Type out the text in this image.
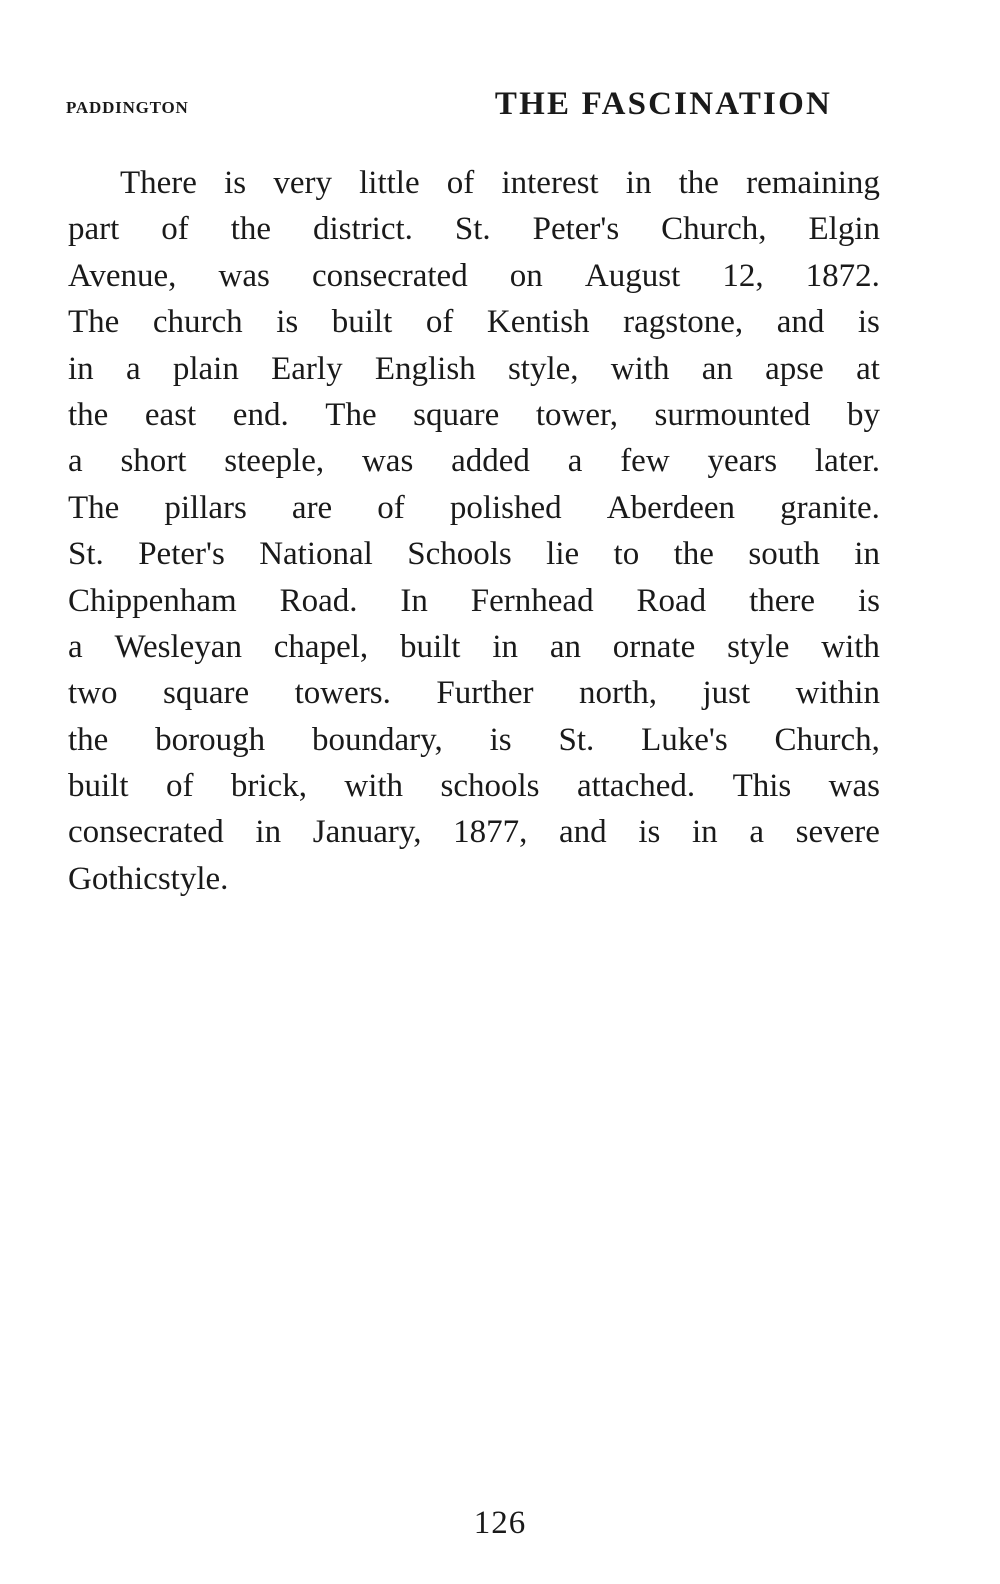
PADDINGTON	THE FASCINATION
There is very little of interest in the remaining
part of the district. St. Peter's Church, Elgin
Avenue, was consecrated on August 12, 1872.
The church is built of Kentish ragstone, and is
in a plain Early English style, with an apse at
the east end. The square tower, surmounted by
a short steeple, was added a few years later.
The pillars are of polished Aberdeen granite.
St. Peter's National Schools lie to the south in
Chippenham Road. In Fernhead Road there is
a Wesleyan chapel, built in an ornate style with
two square towers. Further north, just within
the borough boundary, is St. Luke's Church,
built of brick, with schools attached. This was
consecrated in January, 1877, and is in a severe
Gothic style.
126
